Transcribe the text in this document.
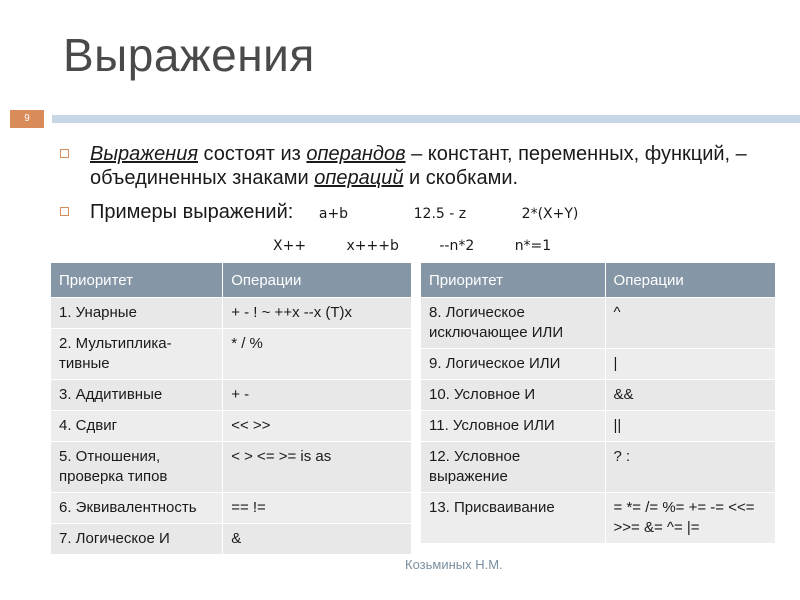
Выражения
9
Выражения состоят из операндов – констант, переменных, функций, – объединенных знаками операций и скобками.
Примеры выражений: a+b	12.5 - z	2*(X+Y)
X++	x+++b	--n*2	n*=1
Приоритет	Операции
1. Унарные	+ - ! ~ ++x --x (T)x
2. Мультиплика-тивные	* / %
3. Аддитивные	+ -
4. Сдвиг	<< >>
5. Отношения, проверка типов	< > <= >= is as
6. Эквивалентность	== !=
7. Логическое И	&
Приоритет	Операции
8. Логическое исключающее ИЛИ	^
9. Логическое ИЛИ	|
10. Условное И	&&
11. Условное ИЛИ	||
12. Условное выражение	? :
13. Присваивание	= *= /= %= += -= <<= >>= &= ^= |=
Козьминых Н.М.
